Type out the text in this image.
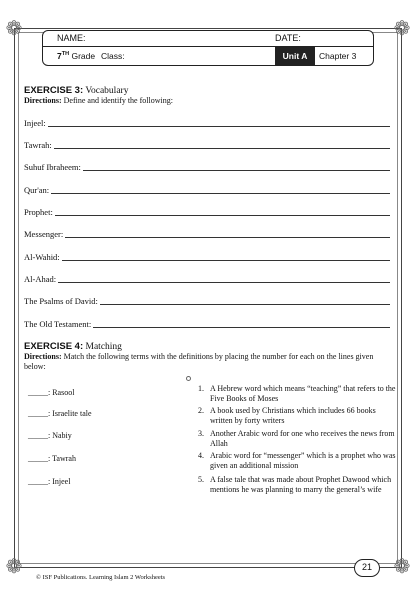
❁	❁
❁	❁
NAME:	DATE:
7TH Grade Class:	Unit A	Chapter 3
EXERCISE 3: Vocabulary
Directions: Define and identify the following:
Injeel:
Tawrah:
Suhuf Ibraheem:
Qur'an:
Prophet:
Messenger:
Al-Wahid:
Al-Ahad:
The Psalms of David:
The Old Testament:
EXERCISE 4: Matching
Directions: Match the following terms with the definitions by placing the number for each on the lines given below:
_____: Rasool
_____: Israelite tale
_____: Nabiy
_____: Tawrah
_____: Injeel
1. A Hebrew word which means “teaching” that refers to the Five Books of Moses
2. A book used by Christians which includes 66 books written by forty writers
3. Another Arabic word for one who receives the news from Allah
4. Arabic word for “messenger” which is a prophet who was given an additional mission
5. A false tale that was made about Prophet Dawood which mentions he was planning to marry the general’s wife
21
© ISF Publications. Learning Islam 2 Worksheets
